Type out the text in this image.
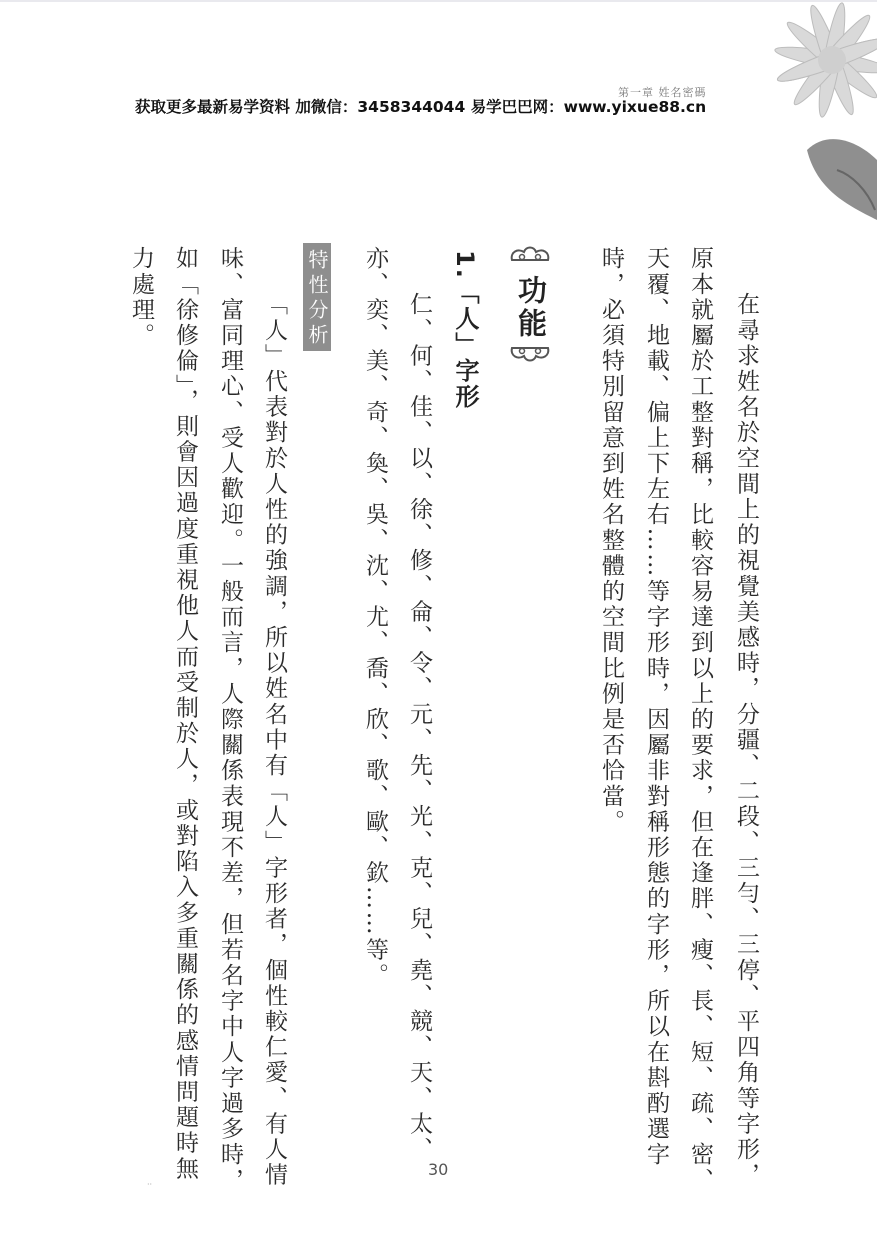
获取更多最新易学资料 加微信：3458344044 易学巴巴网：www.yixue88.cn
第一章 姓名密碼
在尋求姓名於空間上的視覺美感時，分疆、二段、三勻、三停、平四角等字形，
原本就屬於工整對稱，比較容易達到以上的要求，但在逢胖、瘦、長、短、疏、密、
天覆、地載、偏上下左右……等字形時，因屬非對稱形態的字形，所以在斟酌選字
時，必須特別留意到姓名整體的空間比例是否恰當。
功能
1.「人」字形
仁、何、佳、以、徐、修、侖、令、元、先、光、克、兒、堯、競、天、太、
亦、奕、美、奇、奐、吳、沈、尤、喬、欣、歌、歐、欽……等。
特性分析
「人」代表對於人性的強調，所以姓名中有「人」字形者，個性較仁愛、有人情
味、富同理心、受人歡迎。一般而言，人際關係表現不差，但若名字中人字過多時，
如「徐修倫」，則會因過度重視他人而受制於人，或對陷入多重關係的感情問題時無
力處理。
30
··
